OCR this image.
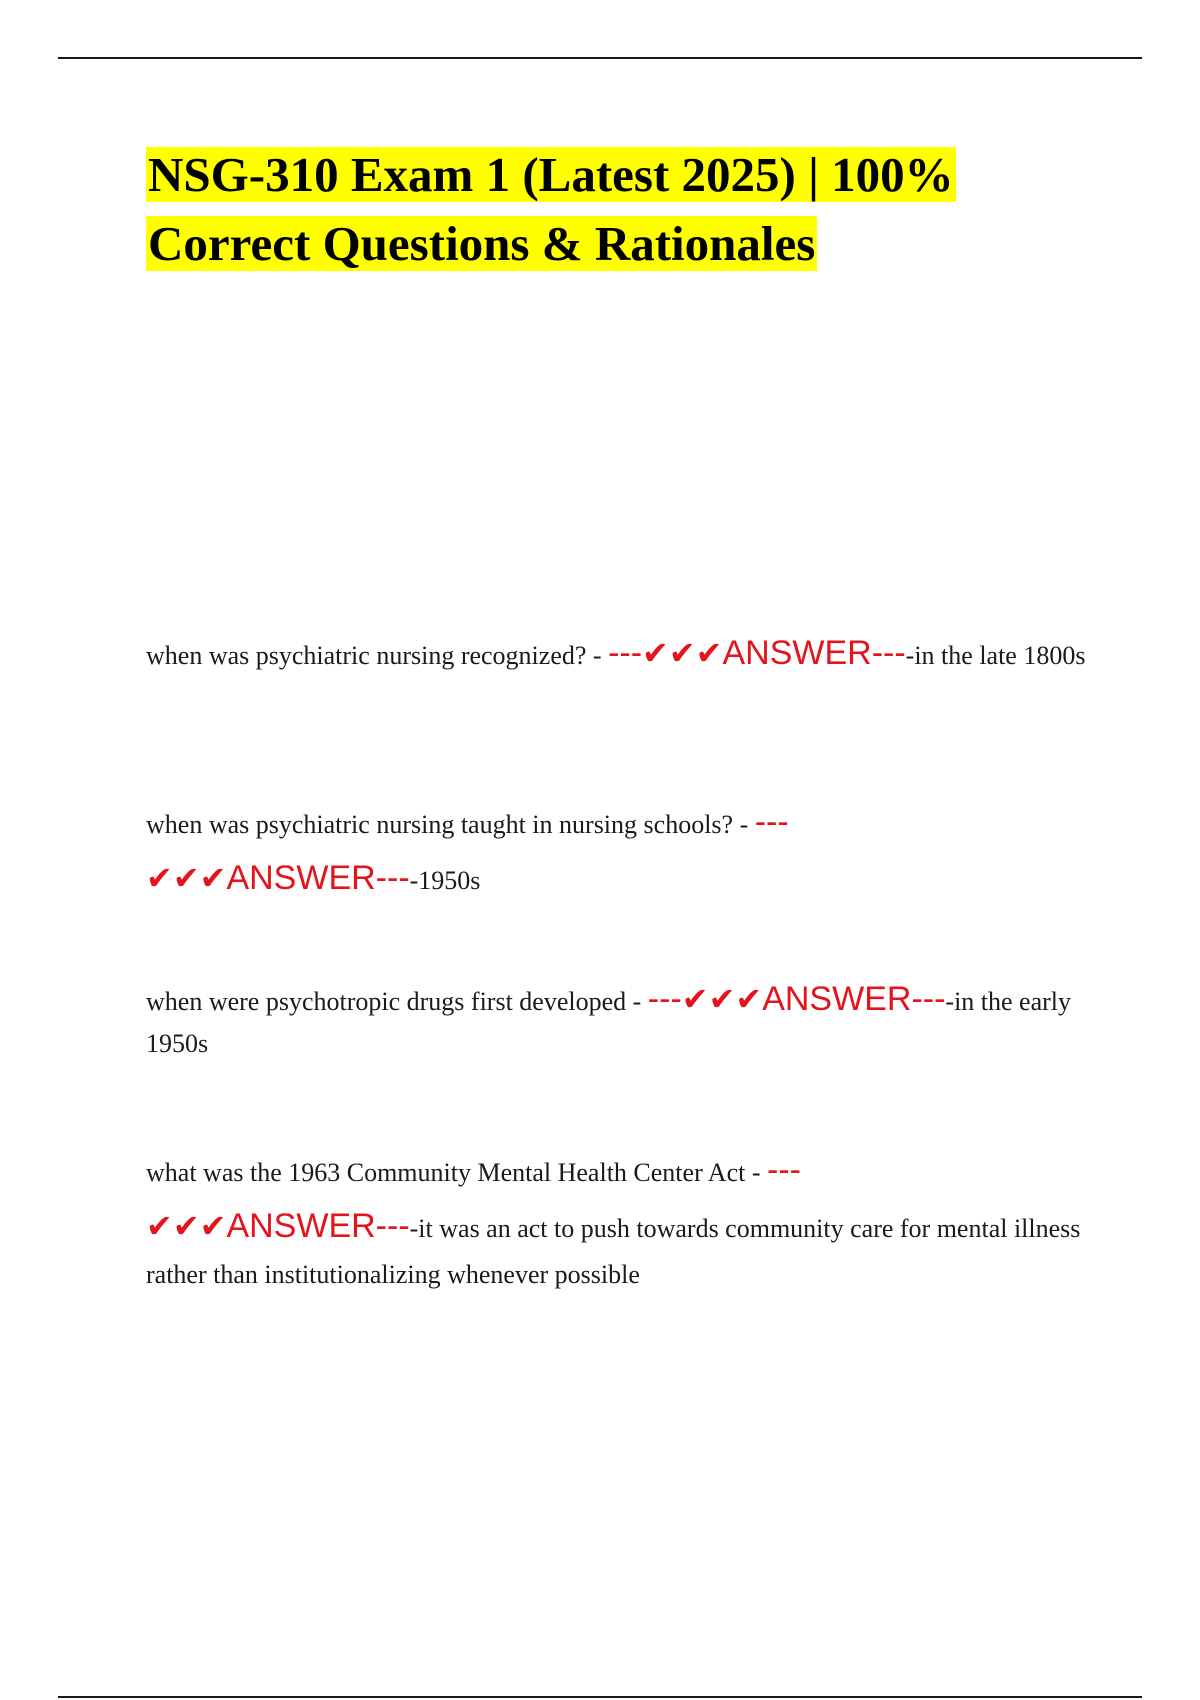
NSG-310 Exam 1 (Latest 2025) | 100% Correct Questions & Rationales

when was psychiatric nursing recognized? - ---✔✔✔ANSWER----in the late 1800s

when was psychiatric nursing taught in nursing schools? - ---
✔✔✔ANSWER----1950s

when were psychotropic drugs first developed - ---✔✔✔ANSWER----in the early 1950s

what was the 1963 Community Mental Health Center Act - ---
✔✔✔ANSWER----it was an act to push towards community care for mental illness rather than institutionalizing whenever possible
